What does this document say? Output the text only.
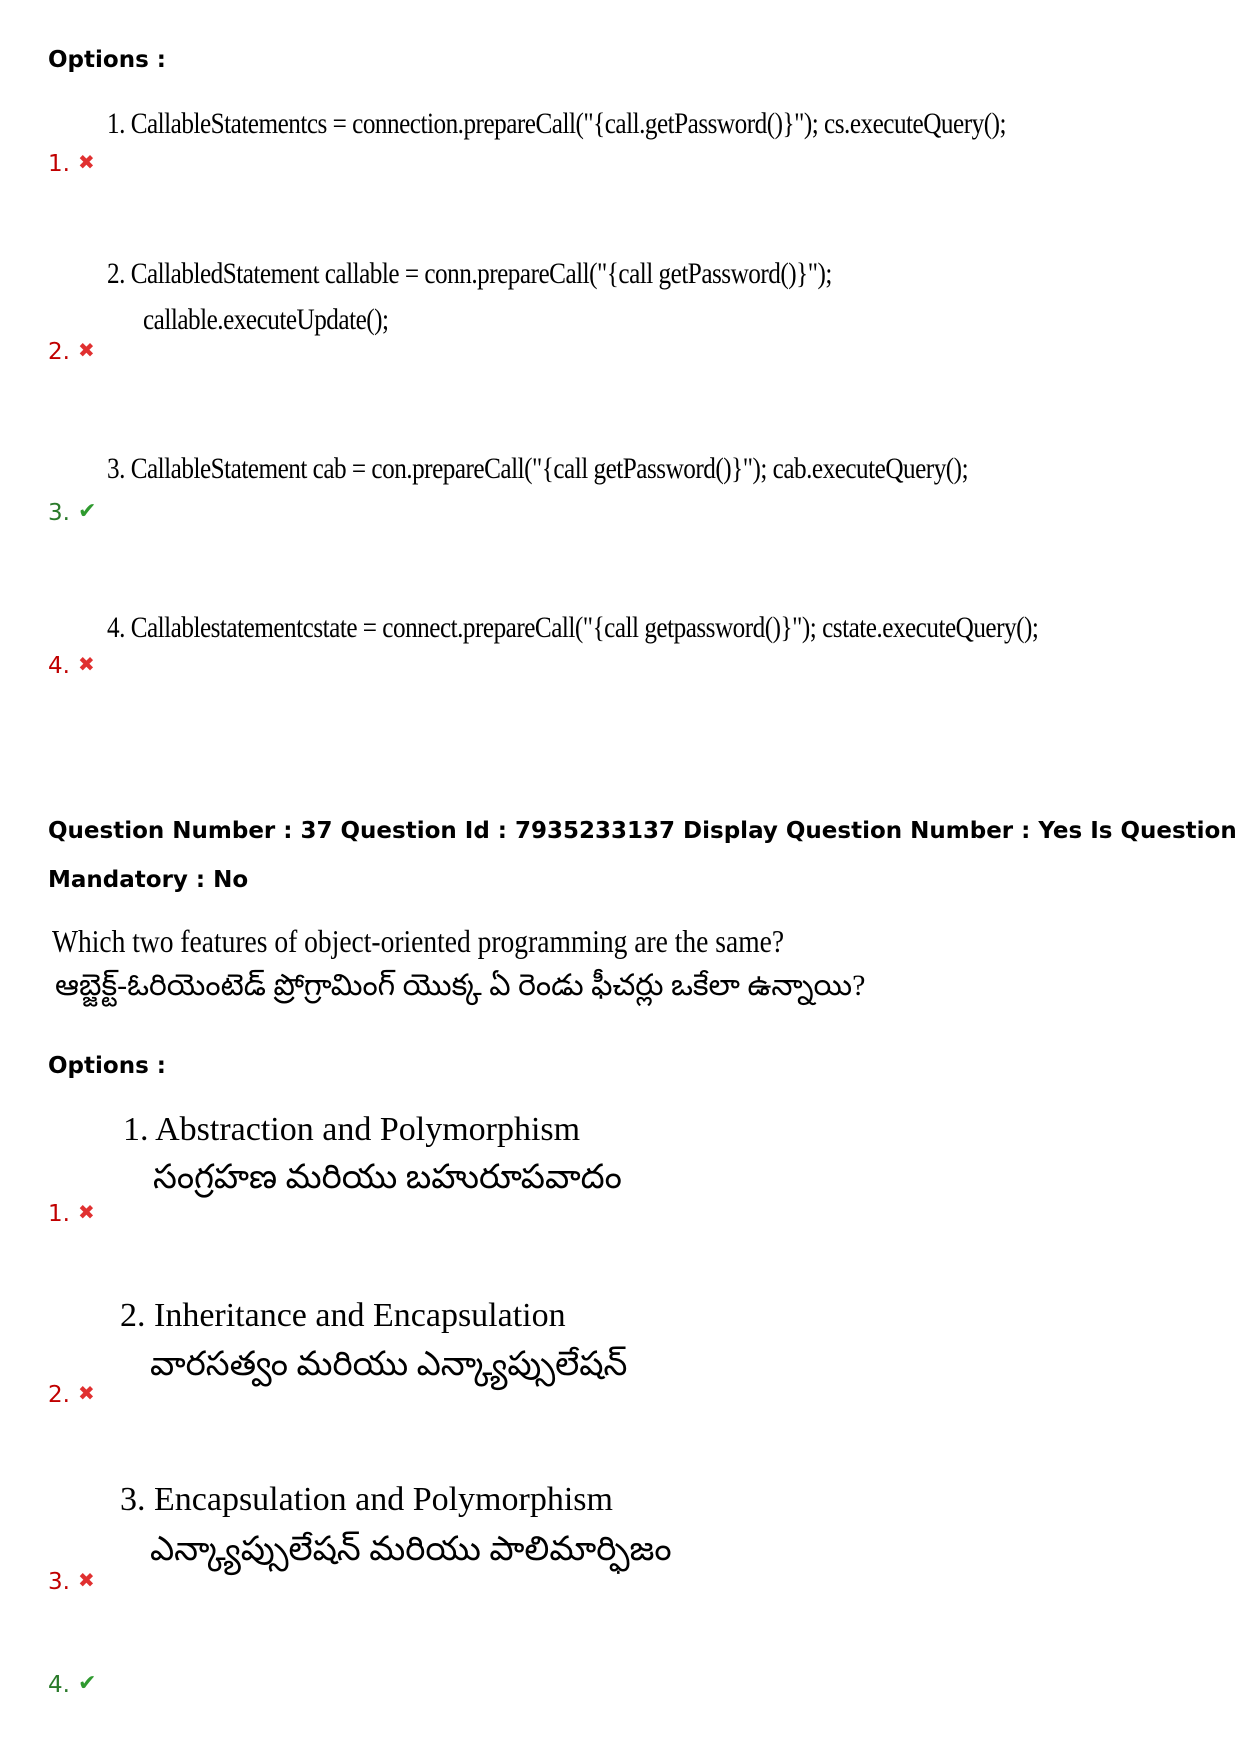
Options :
1. CallableStatementcs = connection.prepareCall("{call.getPassword()}"); cs.executeQuery();
1. ✖
2. CallabledStatement callable = conn.prepareCall("{call getPassword()}");
callable.executeUpdate();
2. ✖
3. CallableStatement cab = con.prepareCall("{call getPassword()}"); cab.executeQuery();
3. ✔
4. Callablestatementcstate = connect.prepareCall("{call getpassword()}"); cstate.executeQuery();
4. ✖
Question Number : 37 Question Id : 7935233137 Display Question Number : Yes Is Question
Mandatory : No
Which two features of object-oriented programming are the same?
ఆబ్జెక్ట్-ఓరియెంటెడ్ ప్రోగ్రామింగ్ యొక్క ఏ రెండు ఫీచర్లు ఒకేలా ఉన్నాయి?
Options :
1. Abstraction and Polymorphism
సంగ్రహణ మరియు బహురూపవాదం
1. ✖
2. Inheritance and Encapsulation
వారసత్వం మరియు ఎన్క్యాప్సులేషన్
2. ✖
3. Encapsulation and Polymorphism
ఎన్క్యాప్సులేషన్ మరియు పాలిమార్ఫిజం
3. ✖
4. ✔
